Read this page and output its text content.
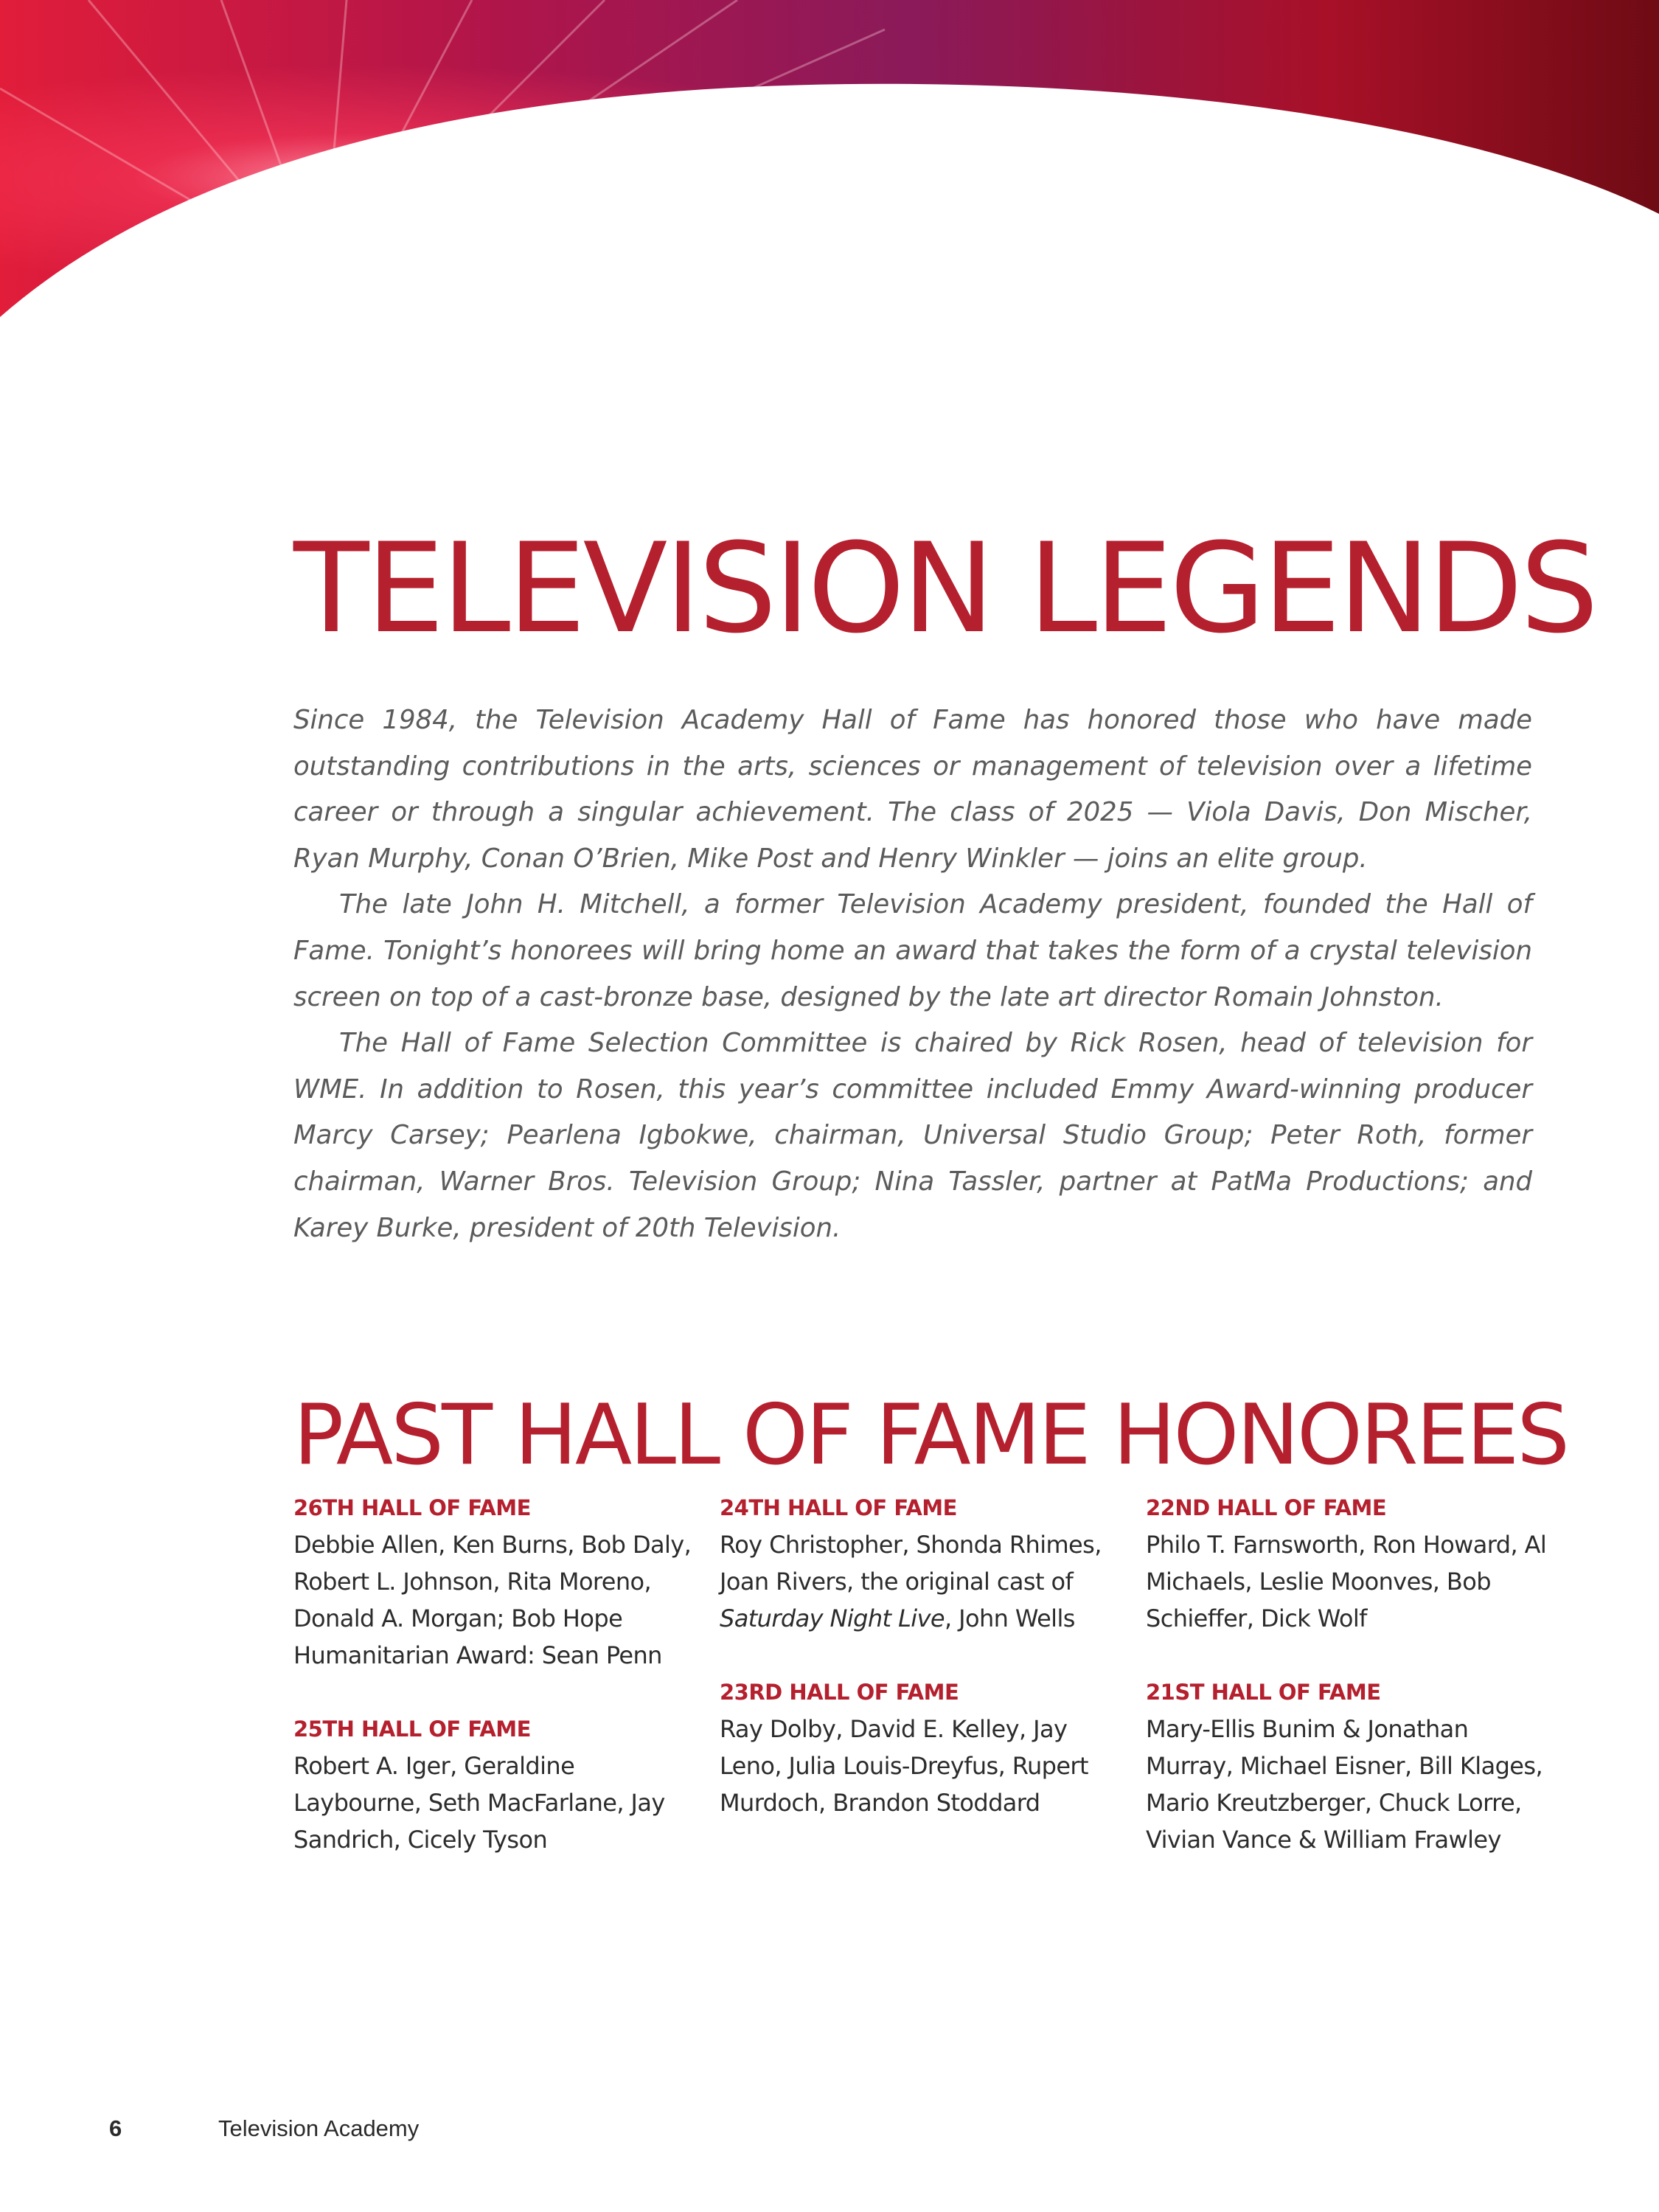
TELEVISION LEGENDS

Since 1984, the Television Academy Hall of Fame has honored those who have made outstanding contributions in the arts, sciences or management of television over a lifetime career or through a singular achievement. The class of 2025 — Viola Davis, Don Mischer, Ryan Murphy, Conan O’Brien, Mike Post and Henry Winkler — joins an elite group.

The late John H. Mitchell, a former Television Academy president, founded the Hall of Fame. Tonight’s honorees will bring home an award that takes the form of a crystal television screen on top of a cast-bronze base, designed by the late art director Romain Johnston.

The Hall of Fame Selection Committee is chaired by Rick Rosen, head of television for WME. In addition to Rosen, this year’s committee included Emmy Award-winning producer Marcy Carsey; Pearlena Igbokwe, chairman, Universal Studio Group; Peter Roth, former chairman, Warner Bros. Television Group; Nina Tassler, partner at PatMa Productions; and Karey Burke, president of 20th Television.

PAST HALL OF FAME HONOREES
26TH HALL OF FAME
Debbie Allen, Ken Burns, Bob Daly, Robert L. Johnson, Rita Moreno, Donald A. Morgan; Bob Hope Humanitarian Award: Sean Penn
25TH HALL OF FAME
Robert A. Iger, Geraldine Laybourne, Seth MacFarlane, Jay Sandrich, Cicely Tyson
24TH HALL OF FAME
Roy Christopher, Shonda Rhimes, Joan Rivers, the original cast of Saturday Night Live, John Wells
23RD HALL OF FAME
Ray Dolby, David E. Kelley, Jay Leno, Julia Louis-Dreyfus, Rupert Murdoch, Brandon Stoddard
22ND HALL OF FAME
Philo T. Farnsworth, Ron Howard, Al Michaels, Leslie Moonves, Bob Schieffer, Dick Wolf
21ST HALL OF FAME
Mary-Ellis Bunim & Jonathan Murray, Michael Eisner, Bill Klages, Mario Kreutzberger, Chuck Lorre, Vivian Vance & William Frawley
6	Television Academy
